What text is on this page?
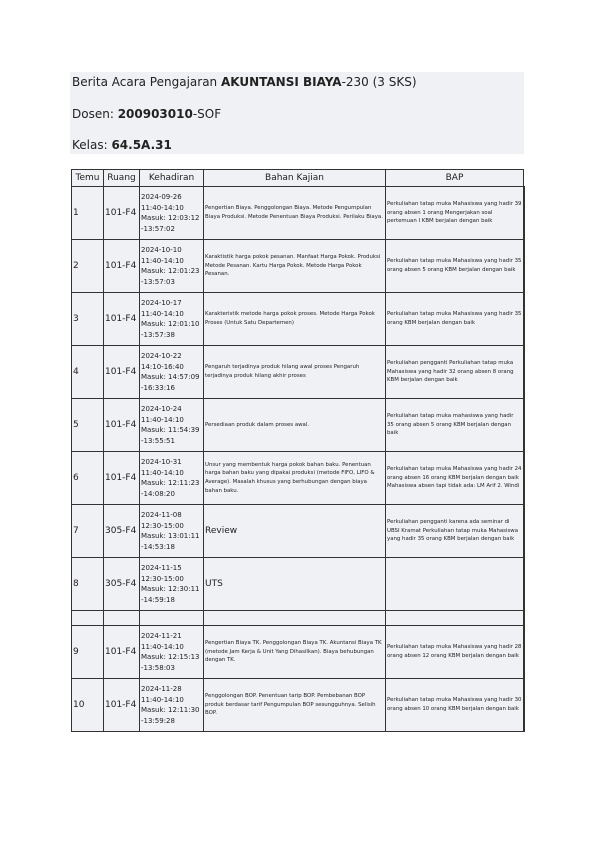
Berita Acara Pengajaran AKUNTANSI BIAYA-230 (3 SKS)
Dosen: 200903010-SOF
Kelas: 64.5A.31
Temu	Ruang	Kehadiran	Bahan Kajian	BAP
1	101-F4	2024-09-26
11:40-14:10
Masuk: 12:03:12
-13:57:02	Pengertian Biaya. Penggolongan Biaya. Metode Pengumpulan Biaya Produksi. Metode Penentuan Biaya Produksi. Perilaku Biaya.	Perkuliahan tatap muka Mahasiswa yang hadir 39 orang absen 1 orang Mengerjakan soal pertemuan I KBM berjalan dengan baik
2	101-F4	2024-10-10
11:40-14:10
Masuk: 12:01:23
-13:57:03	Karaktistik harga pokok pesanan. Manfaat Harga Pokok. Produksi Metode Pesanan. Kartu Harga Pokok. Metode Harga Pokok Pesanan.	Perkuliahan tatap muka Mahasiswa yang hadir 35 orang absen 5 orang KBM berjalan dengan baik
3	101-F4	2024-10-17
11:40-14:10
Masuk: 12:01:10
-13:57:38	Karakteristik metode harga pokok proses. Metode Harga Pokok Proses (Untuk Satu Departemen)	Perkuliahan tatap muka Mahasiswa yang hadir 35 orang KBM berjalan dengan baik
4	101-F4	2024-10-22
14:10-16:40
Masuk: 14:57:09
-16:33:16	Pengaruh terjadinya produk hilang awal proses Pengaruh terjadinya produk hilang akhir proses	Perkuliahan pengganti Perkuliahan tatap muka Mahasiswa yang hadir 32 orang absen 8 orang KBM berjalan dengan baik
5	101-F4	2024-10-24
11:40-14:10
Masuk: 11:54:39
-13:55:51	Persediaan produk dalam proses awal.	Perkuliahan tatap muka mahasiswa yang hadir 35 orang absen 5 orang KBM berjalan dengan baik
6	101-F4	2024-10-31
11:40-14:10
Masuk: 12:11:23
-14:08:20	Unsur yang membentuk harga pokok bahan baku. Penentuan harga bahan baku yang dipakai produksi (metode FIFO, LIFO & Average). Masalah khusus yang berhubungan dengan biaya bahan baku.	Perkuliahan tatap muka Mahasiswa yang hadir 24 orang absen 16 orang KBM berjalan dengan baik Mahasiswa absen tapi tidak ada: LM Arif 2. Windi
7	305-F4	2024-11-08
12:30-15:00
Masuk: 13:01:11
-14:53:18	Review	Perkuliahan pengganti karena ada seminar di UBSI Kramat Perkuliahan tatap muka Mahasiswa yang hadir 35 orang KBM berjalan dengan baik
8	305-F4	2024-11-15
12:30-15:00
Masuk: 12:30:11
-14:59:18	UTS	

9	101-F4	2024-11-21
11:40-14:10
Masuk: 12:15:13
-13:58:03	Pengertian Biaya TK. Penggolongan Biaya TK. Akuntansi Biaya TK (metode Jam Kerja & Unit Yang Dihasilkan). Biaya behubungan dengan TK.	Perkuliahan tatap muka Mahasiswa yang hadir 28 orang absen 12 orang KBM berjalan dengan baik
10	101-F4	2024-11-28
11:40-14:10
Masuk: 12:11:30
-13:59:28	Penggolongan BOP. Penentuan tarip BOP. Pembebanan BOP produk berdasar tarif Pengumpulan BOP sesungguhnya. Selisih BOP.	Perkuliahan tatap muka Mahasiswa yang hadir 30 orang absen 10 orang KBM berjalan dengan baik
